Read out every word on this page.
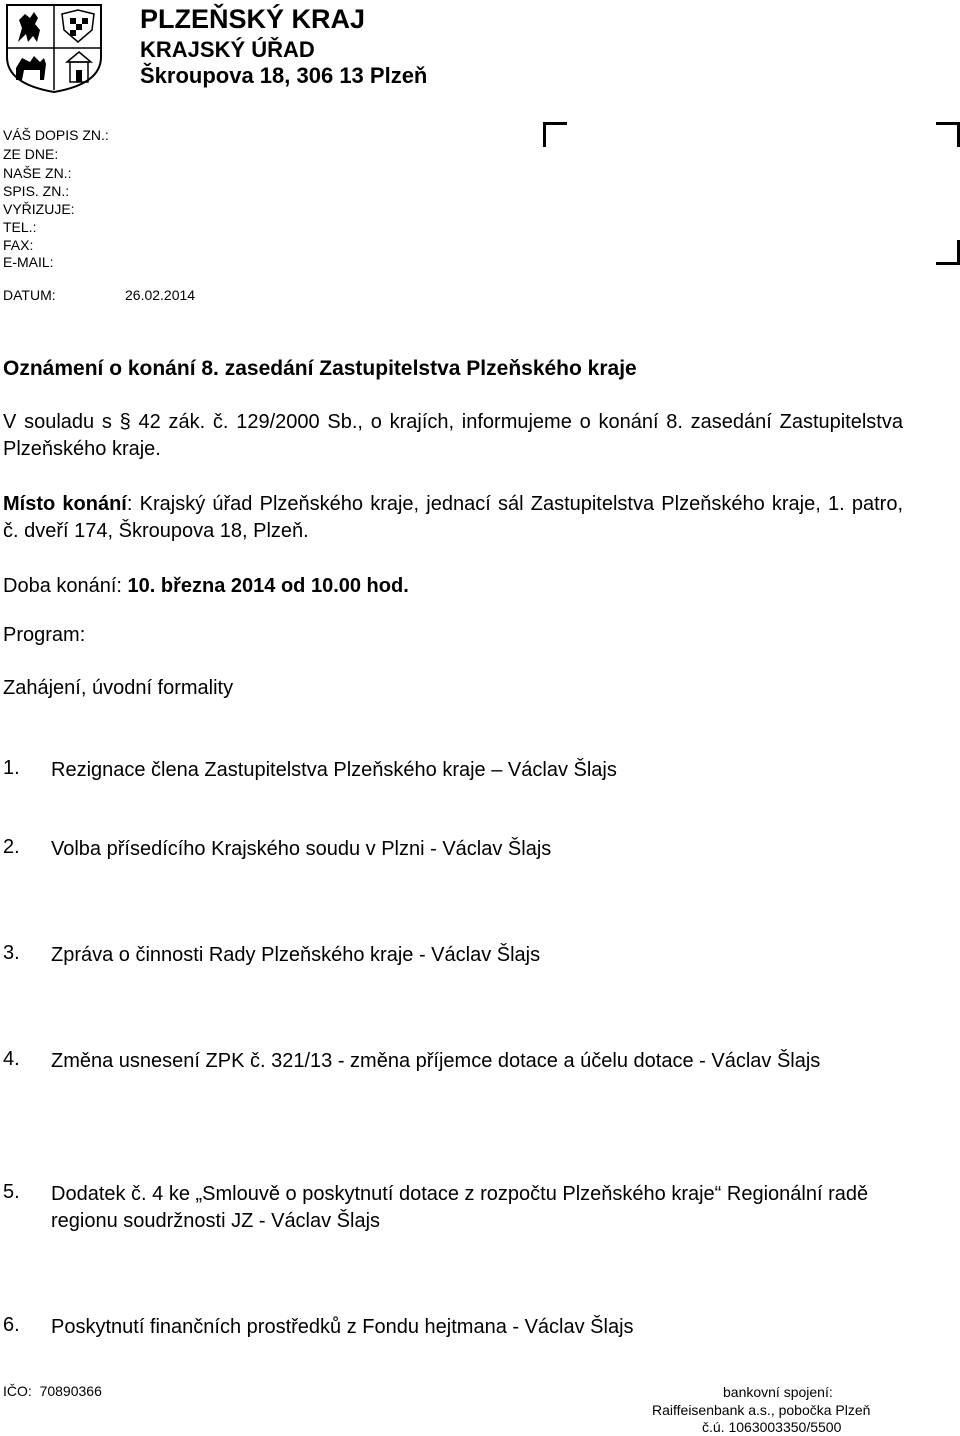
PLZEŇSKÝ KRAJ
KRAJSKÝ ÚŘAD
Škroupova 18, 306 13 Plzeň
VÁŠ DOPIS ZN.:
ZE DNE:
NAŠE ZN.:
SPIS. ZN.:
VYŘIZUJE:
TEL.:
FAX:
E-MAIL:
DATUM:	26.02.2014
Oznámení o konání 8. zasedání Zastupitelstva Plzeňského kraje
V souladu s § 42 zák. č. 129/2000 Sb., o krajích, informujeme o konání 8. zasedání Zastupitelstva Plzeňského kraje.
Místo konání: Krajský úřad Plzeňského kraje, jednací sál Zastupitelstva Plzeňského kraje, 1. patro, č. dveří 174, Škroupova 18, Plzeň.
Doba konání: 10. března 2014 od 10.00 hod.
Program:
Zahájení, úvodní formality
1. Rezignace člena Zastupitelstva Plzeňského kraje – Václav Šlajs
2. Volba přísedícího Krajského soudu v Plzni - Václav Šlajs
3. Zpráva o činnosti Rady Plzeňského kraje - Václav Šlajs
4. Změna usnesení ZPK č. 321/13 - změna příjemce dotace a účelu dotace - Václav Šlajs
5. Dodatek č. 4 ke „Smlouvě o poskytnutí dotace z rozpočtu Plzeňského kraje“ Regionální radě regionu soudržnosti JZ - Václav Šlajs
6. Poskytnutí finančních prostředků z Fondu hejtmana - Václav Šlajs
IČO: 70890366	bankovní spojení:
Raiffeisenbank a.s., pobočka Plzeň
č.ú. 1063003350/5500
